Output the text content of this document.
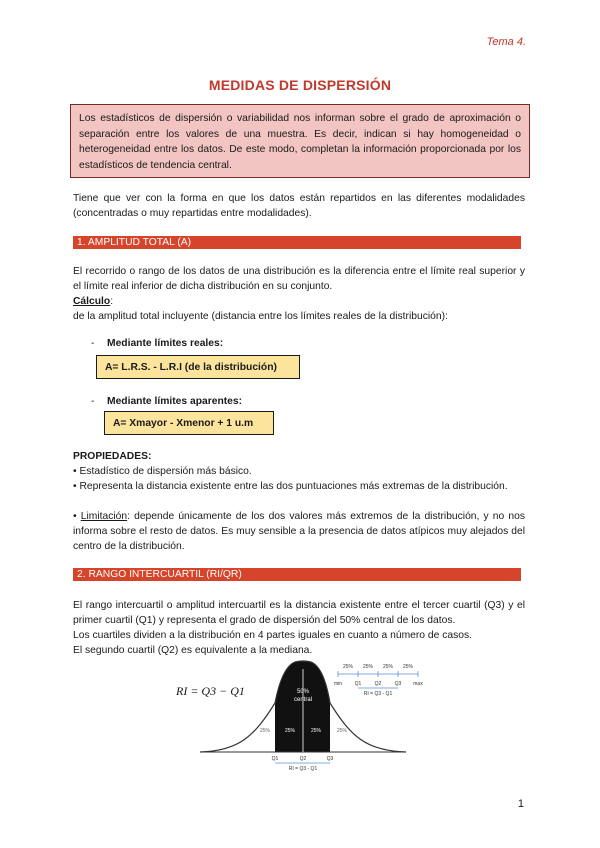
Tema 4.
MEDIDAS DE DISPERSIÓN
Los estadísticos de dispersión o variabilidad nos informan sobre el grado de aproximación o separación entre los valores de una muestra. Es decir, indican si hay homogeneidad o heterogeneidad entre los datos. De este modo, completan la información proporcionada por los estadísticos de tendencia central.
Tiene que ver con la forma en que los datos están repartidos en las diferentes modalidades (concentradas o muy repartidas entre modalidades).
1. AMPLITUD TOTAL (A)
El recorrido o rango de los datos de una distribución es la diferencia entre el límite real superior y el límite real inferior de dicha distribución en su conjunto.
Cálculo:
de la amplitud total incluyente (distancia entre los límites reales de la distribución):
- Mediante límites reales:
A= L.R.S. - L.R.I (de la distribución)
- Mediante límites aparentes:
A= Xmayor - Xmenor + 1 u.m
PROPIEDADES:
• Estadístico de dispersión más básico.
• Representa la distancia existente entre las dos puntuaciones más extremas de la distribución.
• Limitación: depende únicamente de los dos valores más extremos de la distribución, y no nos informa sobre el resto de datos. Es muy sensible a la presencia de datos atípicos muy alejados del centro de la distribución.
2. RANGO INTERCUARTIL (RI/QR)
El rango intercuartil o amplitud intercuartil es la distancia existente entre el tercer cuartil (Q3) y el primer cuartil (Q1) y representa el grado de dispersión del 50% central de los datos.
Los cuartiles dividen a la distribución en 4 partes iguales en cuanto a número de casos.
El segundo cuartil (Q2) es equivalente a la mediana.
50%
central
25%	25%	25%	25%
Q1	Q2	Q3
RI = Q3 - Q1
25% 25% 25% 25%
min	Q1	Q2	Q3 max
RI = Q3 - Q1
RI = Q3 − Q1
1
